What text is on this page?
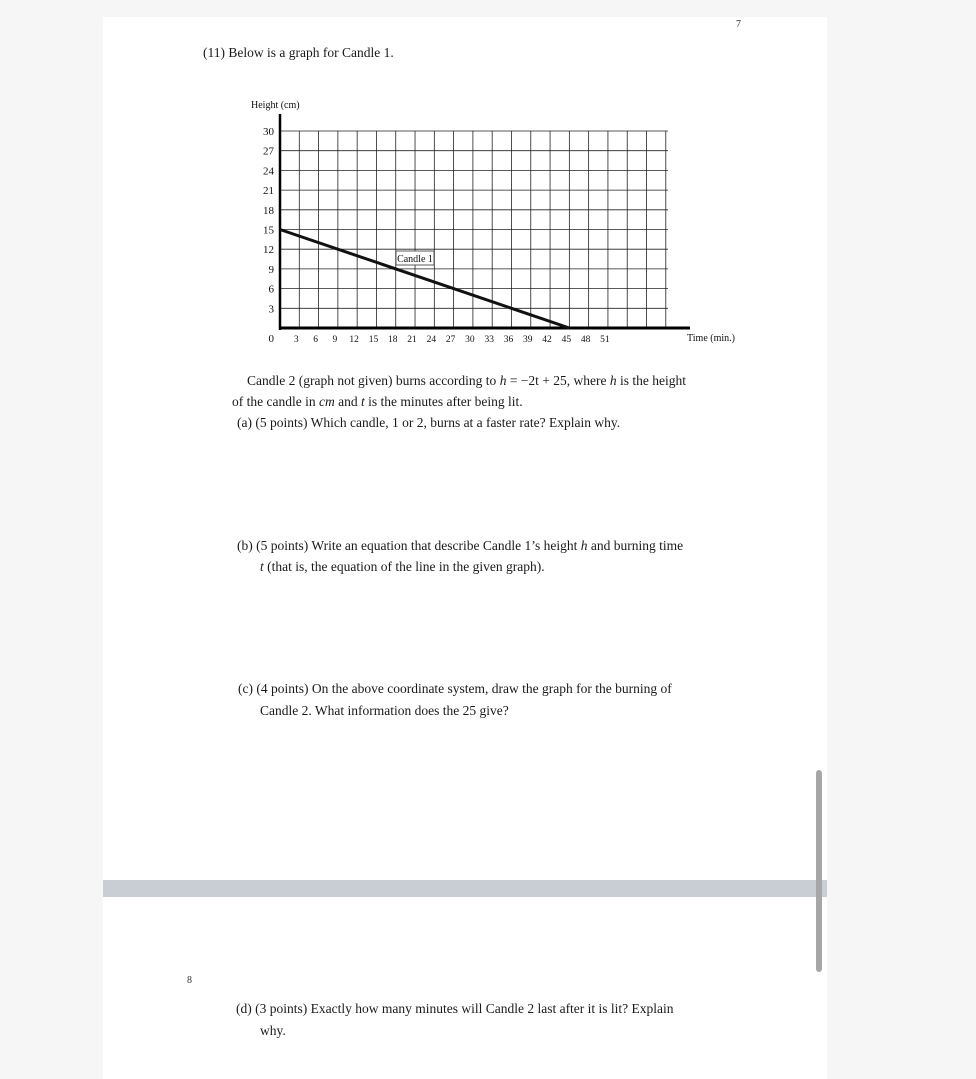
7
8
(11) Below is a graph for Candle 1.
Height (cm)
Time (min.)
30
27
24
21
18
15
12
9
6
3
0 3 6 9 12 15 18 21 24 27 30 33 36 39 42 45 48 51
Candle 1
Candle 2 (graph not given) burns according to h = −2t + 25, where h is the height
of the candle in cm and t is the minutes after being lit.
(a) (5 points) Which candle, 1 or 2, burns at a faster rate? Explain why.
(b) (5 points) Write an equation that describe Candle 1’s height h and burning time
t (that is, the equation of the line in the given graph).
(c) (4 points) On the above coordinate system, draw the graph for the burning of
Candle 2. What information does the 25 give?
(d) (3 points) Exactly how many minutes will Candle 2 last after it is lit? Explain
why.
